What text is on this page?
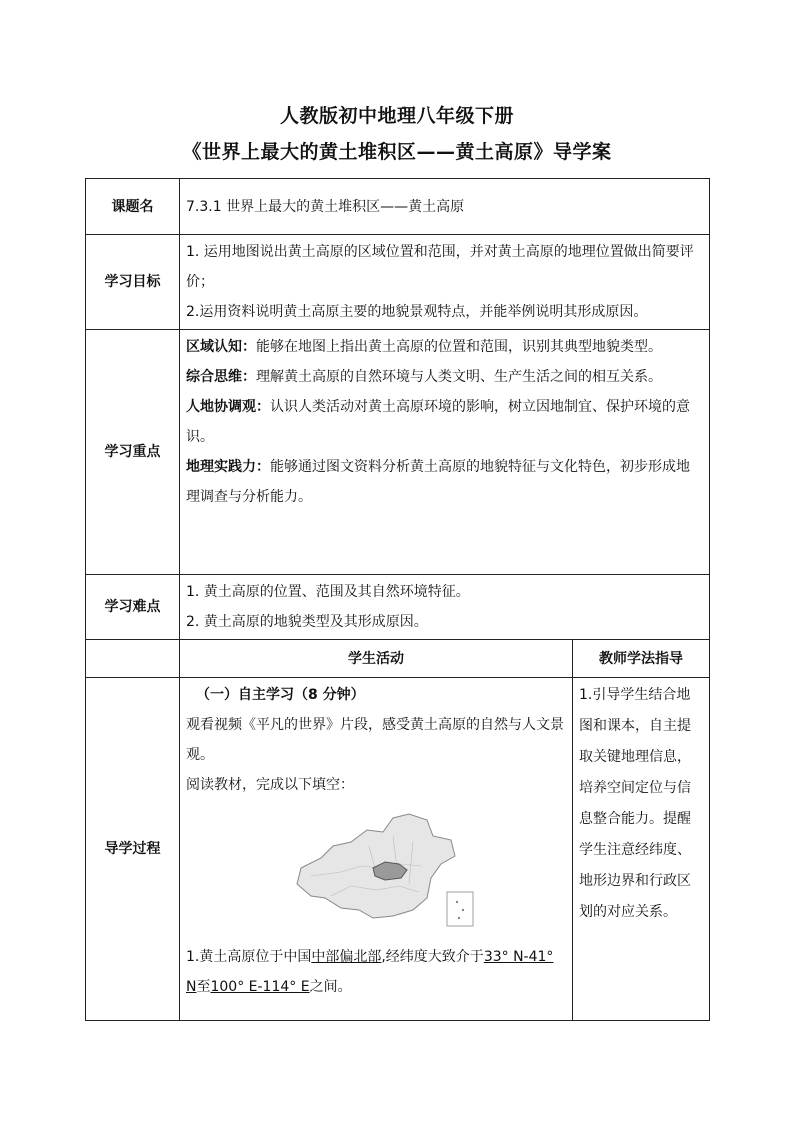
人教版初中地理八年级下册
《世界上最大的黄土堆积区——黄土高原》导学案
课题名	7.3.1 世界上最大的黄土堆积区——黄土高原	

学习目标	1. 运用地图说出黄土高原的区域位置和范围，并对黄土高原的地理位置做出简要评价；
2.运用资料说明黄土高原主要的地貌景观特点，并能举例说明其形成原因。	

学习重点	区域认知：能够在地图上指出黄土高原的位置和范围，识别其典型地貌类型。
综合思维：理解黄土高原的自然环境与人类文明、生产生活之间的相互关系。
人地协调观：认识人类活动对黄土高原环境的影响，树立因地制宜、保护环境的意识。
地理实践力：能够通过图文资料分析黄土高原的地貌特征与文化特色，初步形成地理调查与分析能力。	

学习难点	1. 黄土高原的位置、范围及其自然环境特征。
2. 黄土高原的地貌类型及其形成原因。	

	学生活动	教师学法指导
导学过程	（一）自主学习（8 分钟）
观看视频《平凡的世界》片段，感受黄土高原的自然与人文景观。
阅读教材，完成以下填空：
1.黄土高原位于中国中部偏北部,经纬度大致介于33° N-41° N至100° E-114° E之间。	1.引导学生结合地图和课本，自主提取关键地理信息，培养空间定位与信息整合能力。提醒学生注意经纬度、地形边界和行政区划的对应关系。
